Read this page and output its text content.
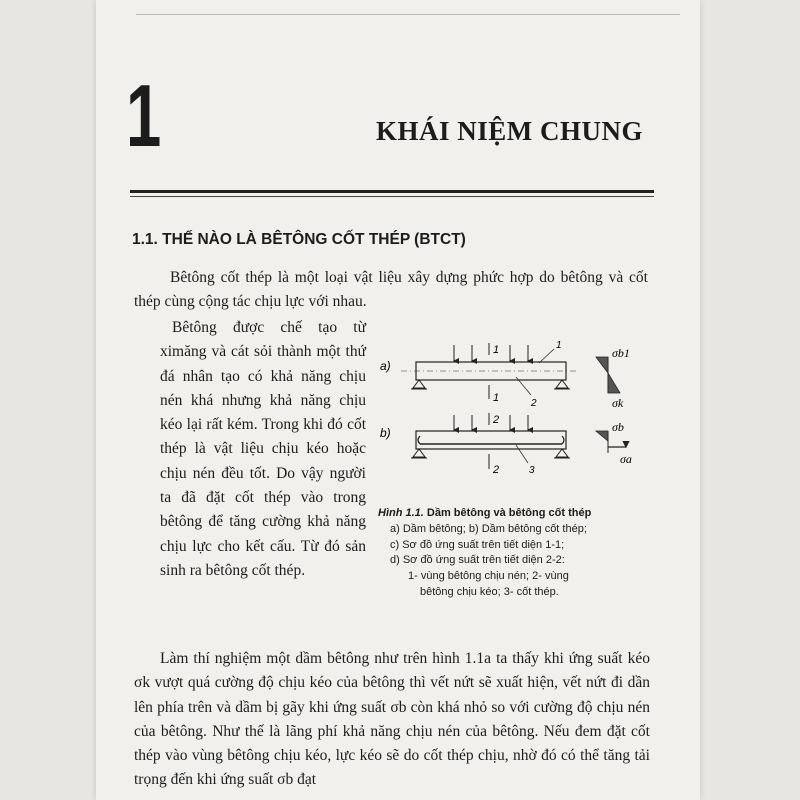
1	KHÁI NIỆM CHUNG
1.1. THẾ NÀO LÀ BÊTÔNG CỐT THÉP (BTCT)
Bêtông cốt thép là một loại vật liệu xây dựng phức hợp do bêtông và cốt thép cùng cộng tác chịu lực với nhau.
Bêtông được chế tạo từ ximăng và cát sỏi thành một thứ đá nhân tạo có khả năng chịu nén khá nhưng khả năng chịu kéo lại rất kém. Trong khi đó cốt thép là vật liệu chịu kéo hoặc chịu nén đều tốt. Do vậy người ta đã đặt cốt thép vào trong bêtông để tăng cường khả năng chịu lực cho kết cấu. Từ đó sản sinh ra bêtông cốt thép.
a)
1
1
1
2
σb1
σk
b)
2
2	3
σb
σa
Hình 1.1. Dầm bêtông và bêtông cốt thép
a) Dầm bêtông; b) Dầm bêtông cốt thép;
c) Sơ đồ ứng suất trên tiết diện 1-1;
d) Sơ đồ ứng suất trên tiết diện 2-2:
1- vùng bêtông chịu nén; 2- vùng
bêtông chịu kéo; 3- cốt thép.
Làm thí nghiệm một dầm bêtông như trên hình 1.1a ta thấy khi ứng suất kéo σk vượt quá cường độ chịu kéo của bêtông thì vết nứt sẽ xuất hiện, vết nứt đi dần lên phía trên và dầm bị gãy khi ứng suất σb còn khá nhỏ so với cường độ chịu nén của bêtông. Như thế là lãng phí khả năng chịu nén của bêtông. Nếu đem đặt cốt thép vào vùng bêtông chịu kéo, lực kéo sẽ do cốt thép chịu, nhờ đó có thể tăng tải trọng đến khi ứng suất σb đạt
